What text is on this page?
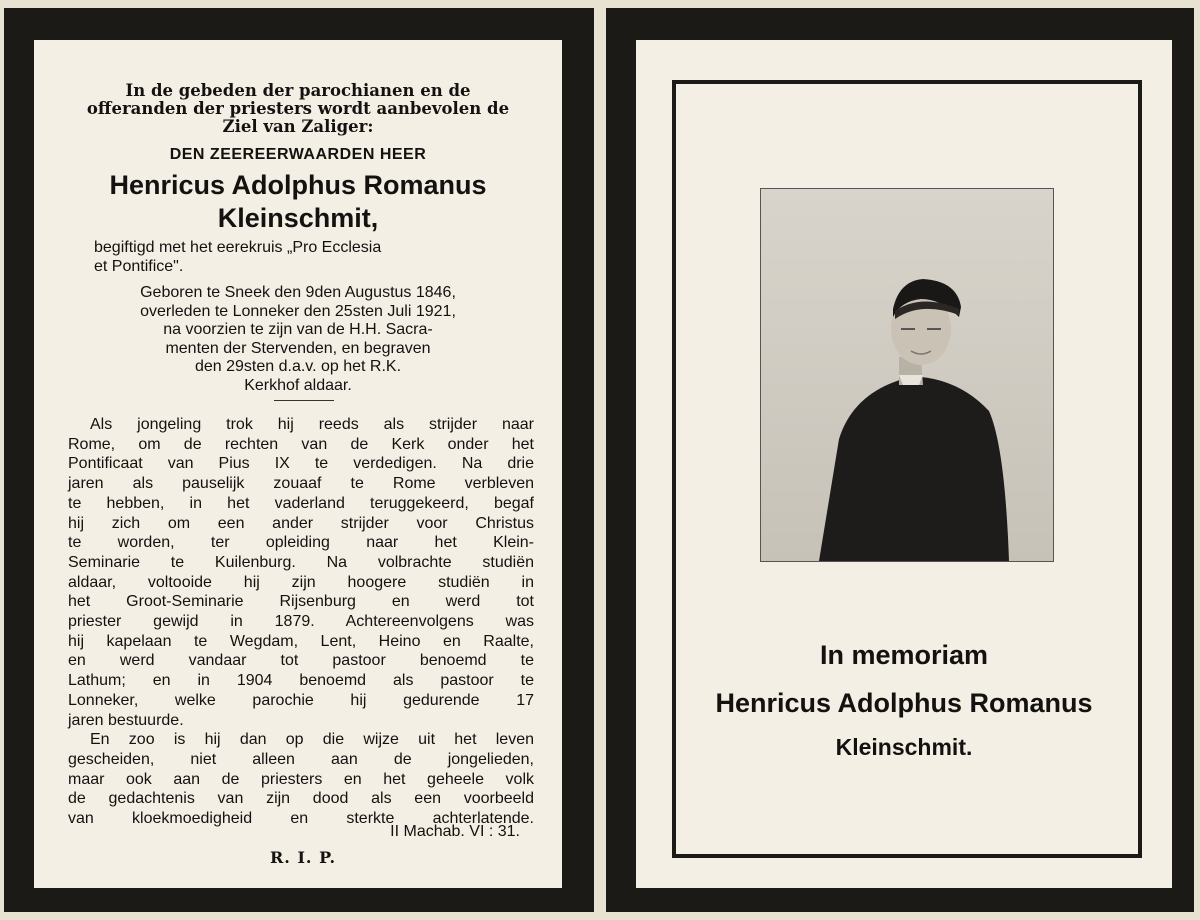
In de gebeden der parochianen en de
offeranden der priesters wordt aanbevolen de
Ziel van Zaliger:
DEN ZEEREERWAARDEN HEER
Henricus Adolphus Romanus
Kleinschmit,
begiftigd met het eerekruis „Pro Ecclesia
et Pontifice".
Geboren te Sneek den 9den Augustus 1846,
overleden te Lonneker den 25sten Juli 1921,
na voorzien te zijn van de H.H. Sacra-
menten der Stervenden, en begraven
den 29sten d.a.v. op het R.K.
Kerkhof aldaar.
Als jongeling trok hij reeds als strijder naar
Rome, om de rechten van de Kerk onder het
Pontificaat van Pius IX te verdedigen. Na drie
jaren als pauselijk zouaaf te Rome verbleven
te hebben, in het vaderland teruggekeerd, begaf
hij zich om een ander strijder voor Christus
te worden, ter opleiding naar het Klein-
Seminarie te Kuilenburg. Na volbrachte studiën
aldaar, voltooide hij zijn hoogere studiën in
het Groot-Seminarie Rijsenburg en werd tot
priester gewijd in 1879. Achtereenvolgens was
hij kapelaan te Wegdam, Lent, Heino en Raalte,
en werd vandaar tot pastoor benoemd te
Lathum; en in 1904 benoemd als pastoor te
Lonneker, welke parochie hij gedurende 17
jaren bestuurde.
En zoo is hij dan op die wijze uit het leven
gescheiden, niet alleen aan de jongelieden,
maar ook aan de priesters en het geheele volk
de gedachtenis van zijn dood als een voorbeeld
van kloekmoedigheid en sterkte achterlatende.
II Machab. VI : 31.
R. I. P.
In memoriam
Henricus Adolphus Romanus
Kleinschmit.
